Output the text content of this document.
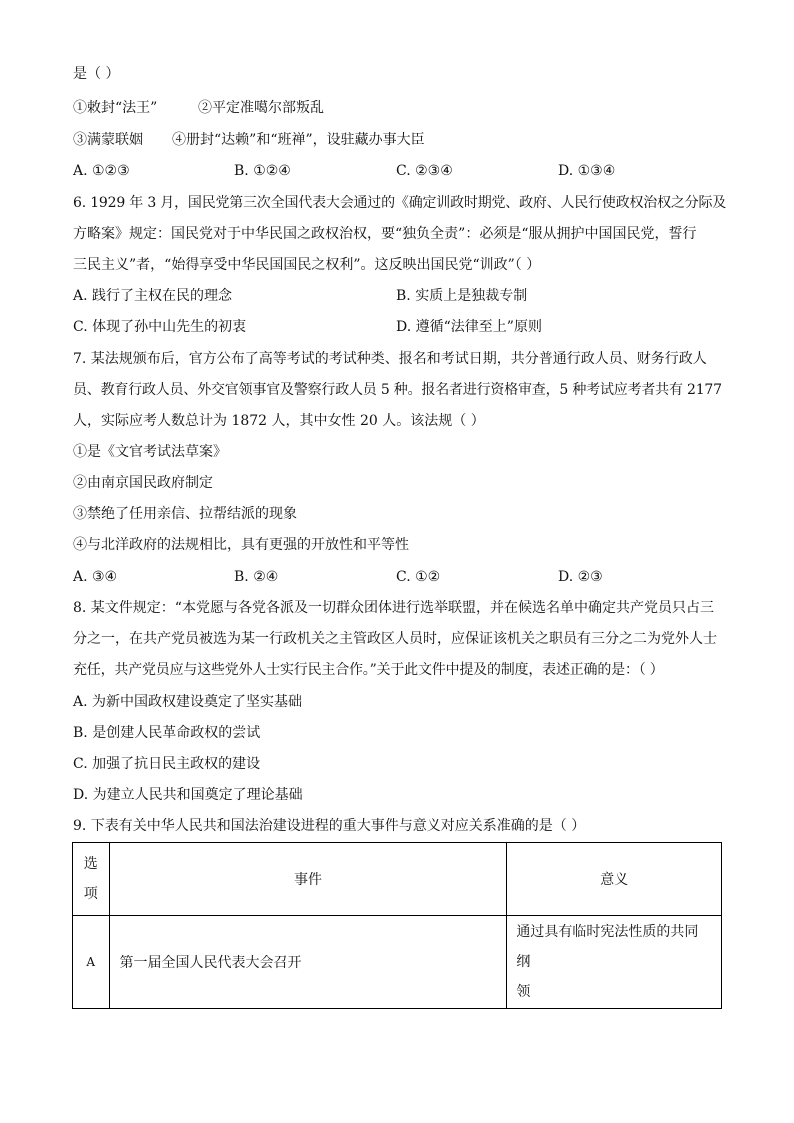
是（ ）
①敕封“法王”	②平定准噶尔部叛乱
③满蒙联姻 ④册封“达赖”和“班禅”，设驻藏办事大臣
A. ①②③	B. ①②④	C. ②③④	D. ①③④
6. 1929 年 3 月，国民党第三次全国代表大会通过的《确定训政时期党、政府、人民行使政权治权之分际及
方略案》规定：国民党对于中华民国之政权治权，要“独负全责”：必须是“服从拥护中国国民党，誓行
三民主义”者，“始得享受中华民国国民之权利”。这反映出国民党“训政”（ ）
A. 践行了主权在民的理念	B. 实质上是独裁专制
C. 体现了孙中山先生的初衷	D. 遵循“法律至上”原则
7. 某法规颁布后，官方公布了高等考试的考试种类、报名和考试日期，共分普通行政人员、财务行政人
员、教育行政人员、外交官领事官及警察行政人员 5 种。报名者进行资格审查，5 种考试应考者共有 2177
人，实际应考人数总计为 1872 人，其中女性 20 人。该法规（ ）
①是《文官考试法草案》
②由南京国民政府制定
③禁绝了任用亲信、拉帮结派的现象
④与北洋政府的法规相比，具有更强的开放性和平等性
A. ③④	B. ②④	C. ①②	D. ②③
8. 某文件规定：“本党愿与各党各派及一切群众团体进行选举联盟，并在候选名单中确定共产党员只占三
分之一，在共产党员被选为某一行政机关之主管政区人员时，应保证该机关之职员有三分之二为党外人士
充任，共产党员应与这些党外人士实行民主合作。”关于此文件中提及的制度，表述正确的是：（ ）
A. 为新中国政权建设奠定了坚实基础
B. 是创建人民革命政权的尝试
C. 加强了抗日民主政权的建设
D. 为建立人民共和国奠定了理论基础
9. 下表有关中华人民共和国法治建设进程的重大事件与意义对应关系准确的是（ ）
选
项	事件	意义
A	第一届全国人民代表大会召开	通过具有临时宪法性质的共同纲
领
